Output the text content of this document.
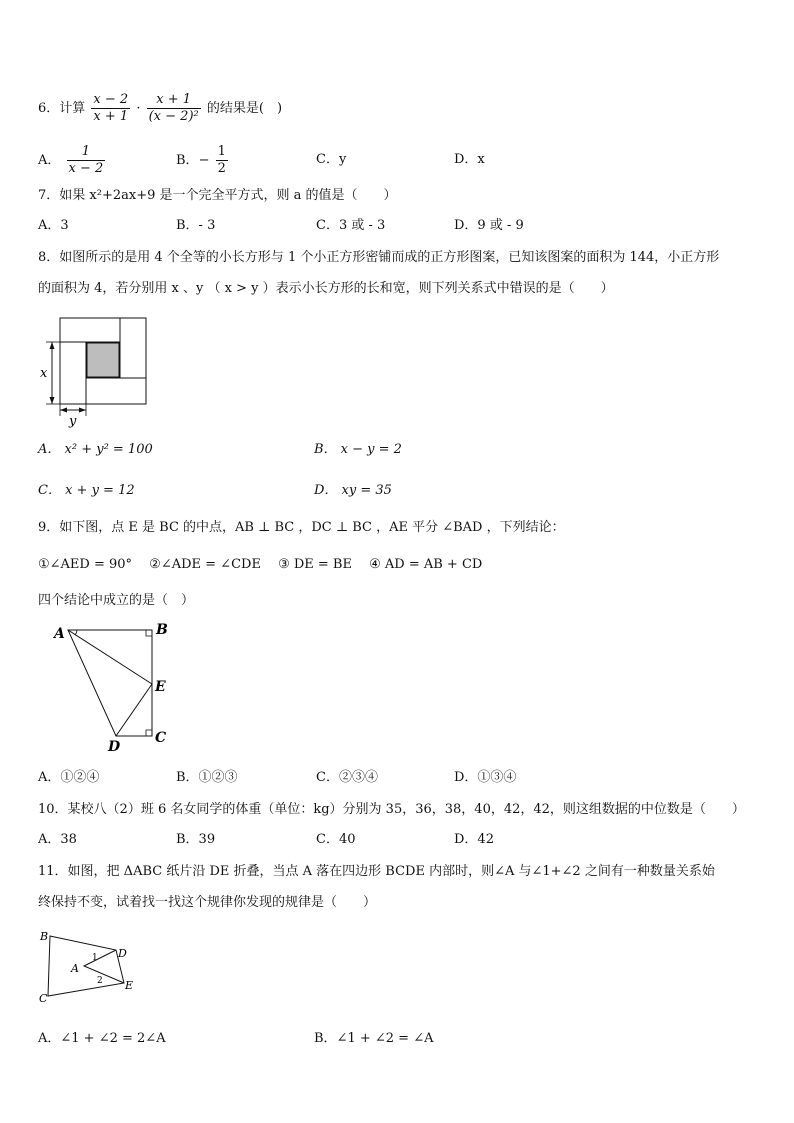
6．计算 $\frac{x - 2}{x + 1} \cdot \frac{x + 1}{\text{(x − 2)²}}$ 的结果是(　)
A． $\frac{1}{x - 2}$	B．− $\frac{1}{2}$	C．y	D．x
7．如果 x²+2ax+9 是一个完全平方式，则 a 的值是（　　）
A．3	B．- 3	C．3 或 - 3	D．9 或 - 9
8．如图所示的是用 4 个全等的小长方形与 1 个小正方形密铺而成的正方形图案，已知该图案的面积为 144，小正方形
的面积为 4，若分别用 x 、y （ x > y ）表示小长方形的长和宽，则下列关系式中错误的是（　　）
x
y
A． x² + y² = 100	B． x − y = 2
C． x + y = 12	D． xy = 35
9．如下图，点 E 是 BC 的中点，AB ⊥ BC ，DC ⊥ BC ，AE 平分 ∠BAD ，下列结论：
①∠AED = 90°　 ②∠ADE = ∠CDE　 ③ DE = BE　 ④ AD = AB + CD
四个结论中成立的是（　）
A	B
E
C
D
A．①②④	B．①②③	C．②③④	D．①③④
10．某校八（2）班 6 名女同学的体重（单位：kg）分别为 35，36，38，40，42，42，则这组数据的中位数是（　　）
A．38	B．39	C．40	D．42
11．如图，把 ΔABC 纸片沿 DE 折叠，当点 A 落在四边形 BCDE 内部时，则∠A 与∠1+∠2 之间有一种数量关系始
终保持不变，试着找一找这个规律你发现的规律是（　　）
B
D
A
E
C
1
2
A．∠1 + ∠2 = 2∠A	B．∠1 + ∠2 = ∠A
